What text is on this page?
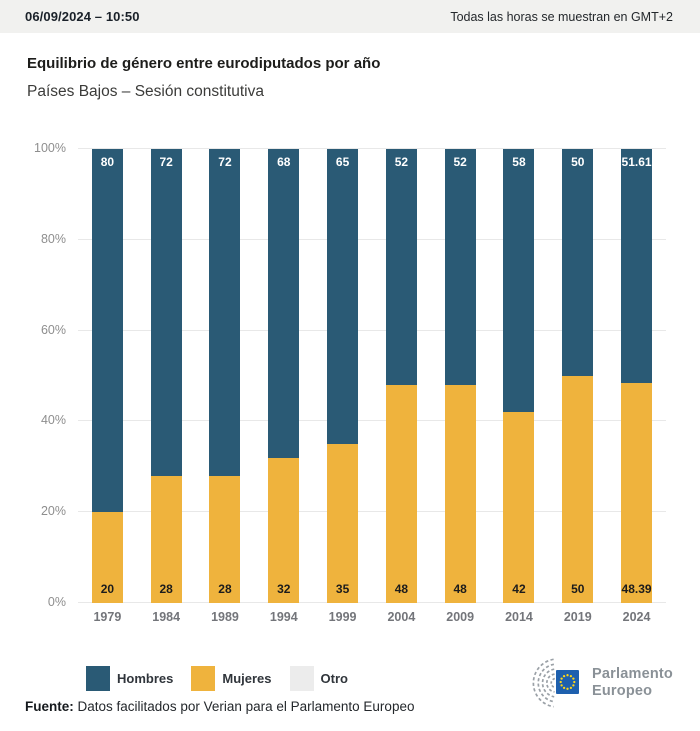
06/09/2024 – 10:50	Todas las horas se muestran en GMT+2
Equilibrio de género entre eurodiputados por año
Países Bajos – Sesión constitutiva
0%
20%
40%
60%
80%
100%
80
20
72
28
72
28
68
32
65
35
52
48
52
48
58
42
50
50
51.61
48.39
1979	1984	1989	1994	1999	2004	2009	2014	2019	2024
Hombres	Mujeres	Otro
Fuente: Datos facilitados por Verian para el Parlamento Europeo
Parlamento
Europeo
